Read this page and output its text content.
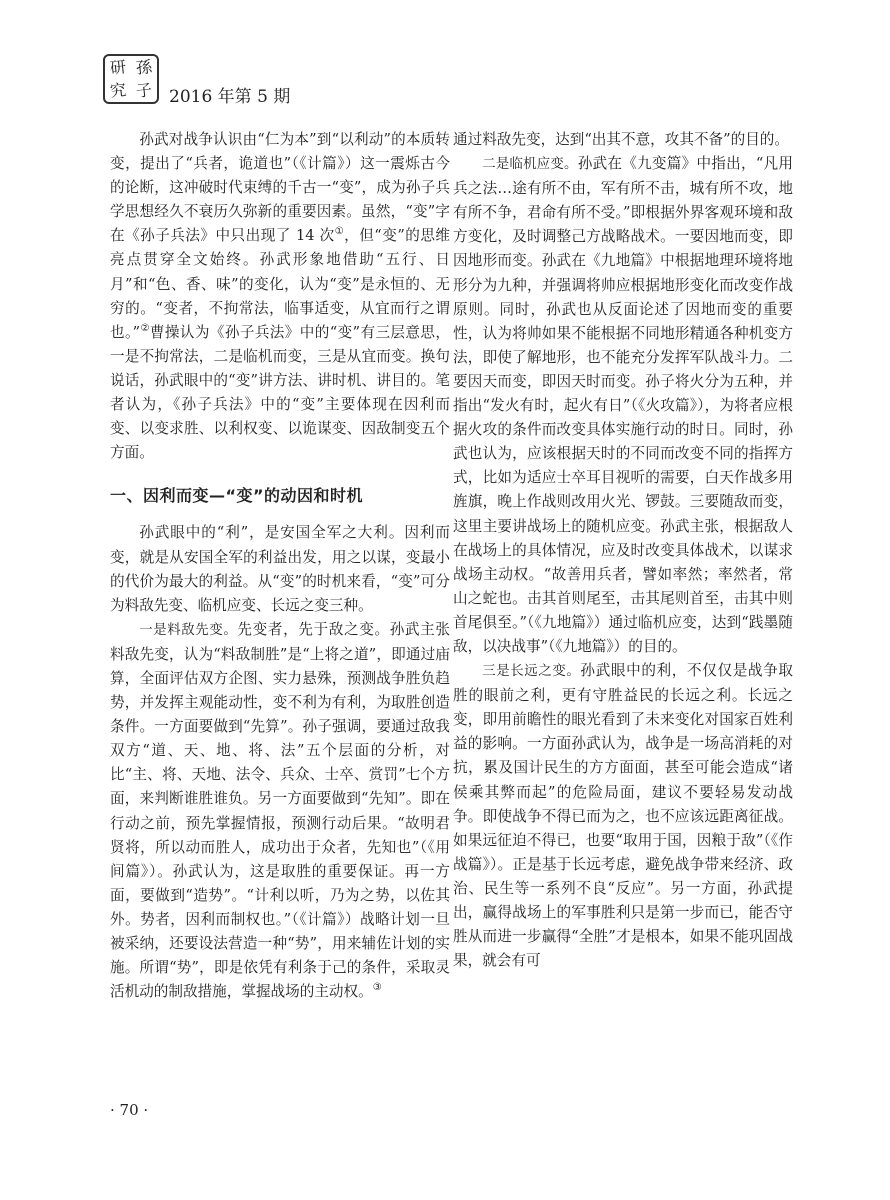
研 孫
究 子 2016 年第 5 期

孙武对战争认识由“仁为本”到“以利动”的本质转变，提出了“兵者，诡道也”（《计篇》）这一震烁古今的论断，这冲破时代束缚的千古一“变”，成为孙子兵学思想经久不衰历久弥新的重要因素。虽然，“变”字在《孙子兵法》中只出现了 14 次①，但“变”的思维亮点贯穿全文始终。孙武形象地借助“五行、日月”和“色、香、味”的变化，认为“变”是永恒的、无穷的。“变者，不拘常法，临事适变，从宜而行之谓也。”②曹操认为《孙子兵法》中的“变”有三层意思，一是不拘常法，二是临机而变，三是从宜而变。换句说话，孙武眼中的“变”讲方法、讲时机、讲目的。笔者认为，《孙子兵法》中的“变”主要体现在因利而变、以变求胜、以利权变、以诡谋变、因敌制变五个方面。

一、因利而变—“变”的动因和时机

孙武眼中的“利”，是安国全军之大利。因利而变，就是从安国全军的利益出发，用之以谋，变最小的代价为最大的利益。从“变”的时机来看，“变”可分为料敌先变、临机应变、长远之变三种。

一是料敌先变。先变者，先于敌之变。孙武主张料敌先变，认为“料敌制胜”是“上将之道”，即通过庙算，全面评估双方企图、实力悬殊，预测战争胜负趋势，并发挥主观能动性，变不利为有利，为取胜创造条件。一方面要做到“先算”。孙子强调，要通过敌我双方“道、天、地、将、法”五个层面的分析，对比“主、将、天地、法令、兵众、士卒、赏罚”七个方面，来判断谁胜谁负。另一方面要做到“先知”。即在行动之前，预先掌握情报，预测行动后果。“故明君贤将，所以动而胜人，成功出于众者，先知也”（《用间篇》）。孙武认为，这是取胜的重要保证。再一方面，要做到“造势”。“计利以听，乃为之势，以佐其外。势者，因利而制权也。”（《计篇》）战略计划一旦被采纳，还要设法营造一种“势”，用来辅佐计划的实施。所谓“势”，即是依凭有利条于己的条件，采取灵活机动的制敌措施，掌握战场的主动权。③

通过料敌先变，达到“出其不意，攻其不备”的目的。

二是临机应变。孙武在《九变篇》中指出，“凡用兵之法…途有所不由，军有所不击，城有所不攻，地有所不争，君命有所不受。”即根据外界客观环境和敌方变化，及时调整己方战略战术。一要因地而变，即因地形而变。孙武在《九地篇》中根据地理环境将地形分为九种，并强调将帅应根据地形变化而改变作战原则。同时，孙武也从反面论述了因地而变的重要性，认为将帅如果不能根据不同地形精通各种机变方法，即使了解地形，也不能充分发挥军队战斗力。二要因天而变，即因天时而变。孙子将火分为五种，并指出“发火有时，起火有日”（《火攻篇》），为将者应根据火攻的条件而改变具体实施行动的时日。同时，孙武也认为，应该根据天时的不同而改变不同的指挥方式，比如为适应士卒耳目视听的需要，白天作战多用旌旗，晚上作战则改用火光、锣鼓。三要随敌而变，这里主要讲战场上的随机应变。孙武主张，根据敌人在战场上的具体情况，应及时改变具体战术，以谋求战场主动权。“故善用兵者，譬如率然；率然者，常山之蛇也。击其首则尾至，击其尾则首至，击其中则首尾俱至。”（《九地篇》）通过临机应变，达到“践墨随敌，以决战事”（《九地篇》）的目的。

三是长远之变。孙武眼中的利，不仅仅是战争取胜的眼前之利，更有守胜益民的长远之利。长远之变，即用前瞻性的眼光看到了未来变化对国家百姓利益的影响。一方面孙武认为，战争是一场高消耗的对抗，累及国计民生的方方面面，甚至可能会造成“诸侯乘其弊而起”的危险局面，建议不要轻易发动战争。即使战争不得已而为之，也不应该远距离征战。如果远征迫不得已，也要“取用于国，因粮于敌”（《作战篇》）。正是基于长远考虑，避免战争带来经济、政治、民生等一系列不良“反应”。另一方面，孙武提出，赢得战场上的军事胜利只是第一步而已，能否守胜从而进一步赢得“全胜”才是根本，如果不能巩固战果，就会有可

· 70 ·
